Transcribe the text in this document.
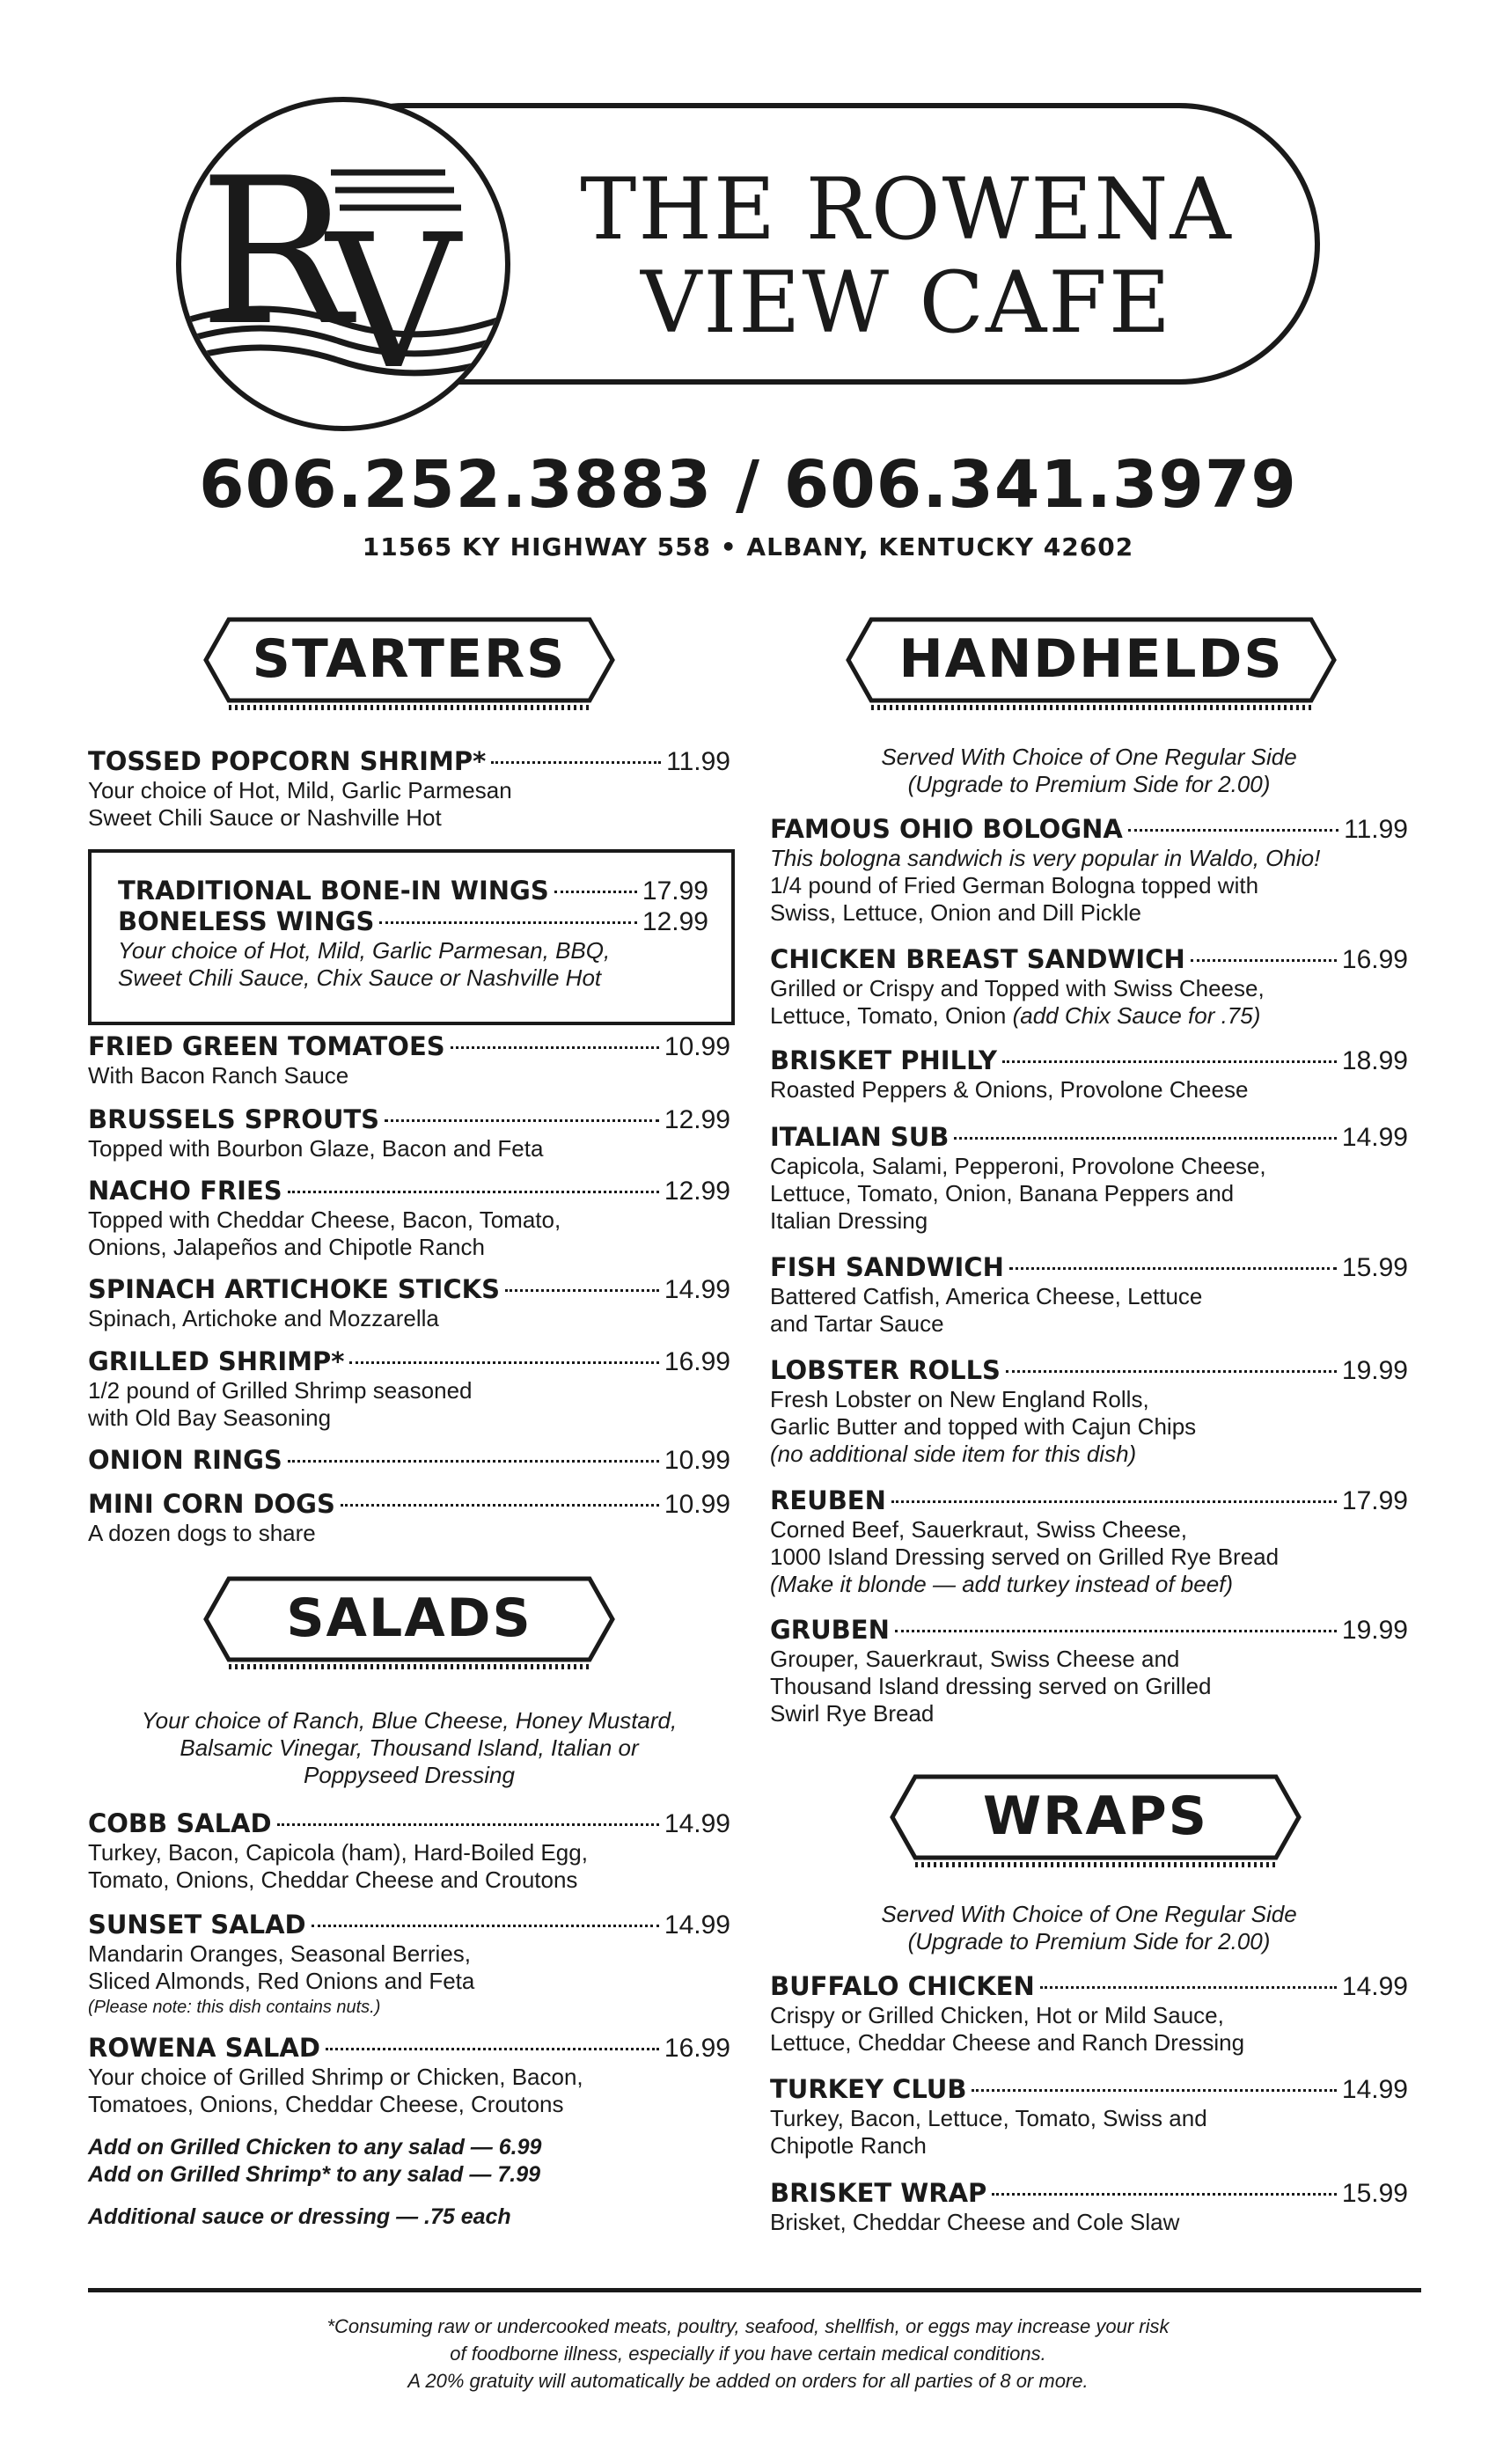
R
V	THE ROWENA
VIEW CAFE
606.252.3883 / 606.341.3979
11565 KY HIGHWAY 558 • ALBANY, KENTUCKY 42602
STARTERS	HANDHELDS
TOSSED POPCORN SHRIMP*	11.99
Your choice of Hot, Mild, Garlic Parmesan
Sweet Chili Sauce or Nashville Hot
TRADITIONAL BONE-IN WINGS	17.99
BONELESS WINGS	12.99
Your choice of Hot, Mild, Garlic Parmesan, BBQ,
Sweet Chili Sauce, Chix Sauce or Nashville Hot
FRIED GREEN TOMATOES	10.99
With Bacon Ranch Sauce
BRUSSELS SPROUTS	12.99
Topped with Bourbon Glaze, Bacon and Feta
NACHO FRIES	12.99
Topped with Cheddar Cheese, Bacon, Tomato,
Onions, Jalapeños and Chipotle Ranch
SPINACH ARTICHOKE STICKS	14.99
Spinach, Artichoke and Mozzarella
GRILLED SHRIMP*	16.99
1/2 pound of Grilled Shrimp seasoned
with Old Bay Seasoning
ONION RINGS	10.99
MINI CORN DOGS	10.99
A dozen dogs to share
SALADS
Your choice of Ranch, Blue Cheese, Honey Mustard,
Balsamic Vinegar, Thousand Island, Italian or
Poppyseed Dressing
COBB SALAD	14.99
Turkey, Bacon, Capicola (ham), Hard-Boiled Egg,
Tomato, Onions, Cheddar Cheese and Croutons
SUNSET SALAD	14.99
Mandarin Oranges, Seasonal Berries,
Sliced Almonds, Red Onions and Feta
(Please note: this dish contains nuts.)
ROWENA SALAD	16.99
Your choice of Grilled Shrimp or Chicken, Bacon,
Tomatoes, Onions, Cheddar Cheese, Croutons
Add on Grilled Chicken to any salad — 6.99
Add on Grilled Shrimp* to any salad — 7.99
Additional sauce or dressing — .75 each
Served With Choice of One Regular Side
(Upgrade to Premium Side for 2.00)
FAMOUS OHIO BOLOGNA	11.99
This bologna sandwich is very popular in Waldo, Ohio!
1/4 pound of Fried German Bologna topped with
Swiss, Lettuce, Onion and Dill Pickle
CHICKEN BREAST SANDWICH	16.99
Grilled or Crispy and Topped with Swiss Cheese,
Lettuce, Tomato, Onion (add Chix Sauce for .75)
BRISKET PHILLY	18.99
Roasted Peppers & Onions, Provolone Cheese
ITALIAN SUB	14.99
Capicola, Salami, Pepperoni, Provolone Cheese,
Lettuce, Tomato, Onion, Banana Peppers and
Italian Dressing
FISH SANDWICH	15.99
Battered Catfish, America Cheese, Lettuce
and Tartar Sauce
LOBSTER ROLLS	19.99
Fresh Lobster on New England Rolls,
Garlic Butter and topped with Cajun Chips
(no additional side item for this dish)
REUBEN	17.99
Corned Beef, Sauerkraut, Swiss Cheese,
1000 Island Dressing served on Grilled Rye Bread
(Make it blonde — add turkey instead of beef)
GRUBEN	19.99
Grouper, Sauerkraut, Swiss Cheese and
Thousand Island dressing served on Grilled
Swirl Rye Bread
WRAPS
Served With Choice of One Regular Side
(Upgrade to Premium Side for 2.00)
BUFFALO CHICKEN	14.99
Crispy or Grilled Chicken, Hot or Mild Sauce,
Lettuce, Cheddar Cheese and Ranch Dressing
TURKEY CLUB	14.99
Turkey, Bacon, Lettuce, Tomato, Swiss and
Chipotle Ranch
BRISKET WRAP	15.99
Brisket, Cheddar Cheese and Cole Slaw
*Consuming raw or undercooked meats, poultry, seafood, shellfish, or eggs may increase your risk
of foodborne illness, especially if you have certain medical conditions.
A 20% gratuity will automatically be added on orders for all parties of 8 or more.
